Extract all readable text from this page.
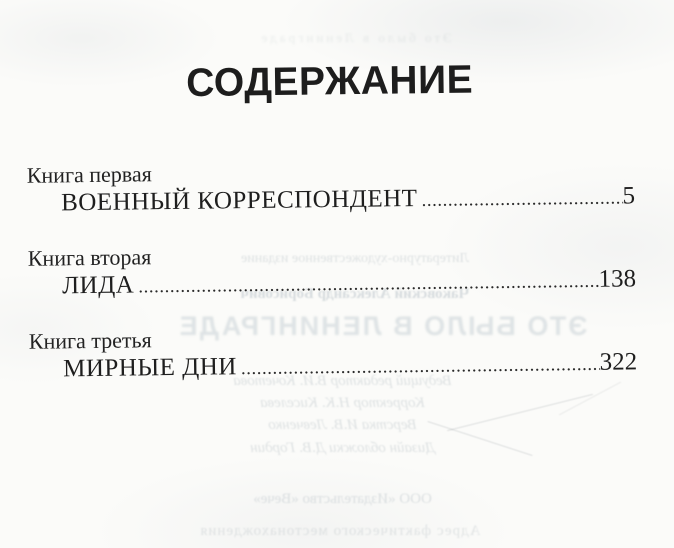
Это было в Ленинграде
Литературно-художественное издание
Чаковский Александр Борисович
ЭТО БЫЛО В ЛЕНИНГРАДЕ
Ведущий редактор В.И. Кочетова
Корректор Н.К. Киселева
Верстка И.В. Левченко
Дизайн обложки Д.В. Гордин
ООО «Издательство «Вече»
Адрес фактического местонахождения
СОДЕРЖАНИЕ
Книга первая
ВОЕННЫЙ КОРРЕСПОНДЕНТ .....	5
Книга вторая
ЛИДА .....	138
Книга третья
МИРНЫЕ ДНИ .....	322
